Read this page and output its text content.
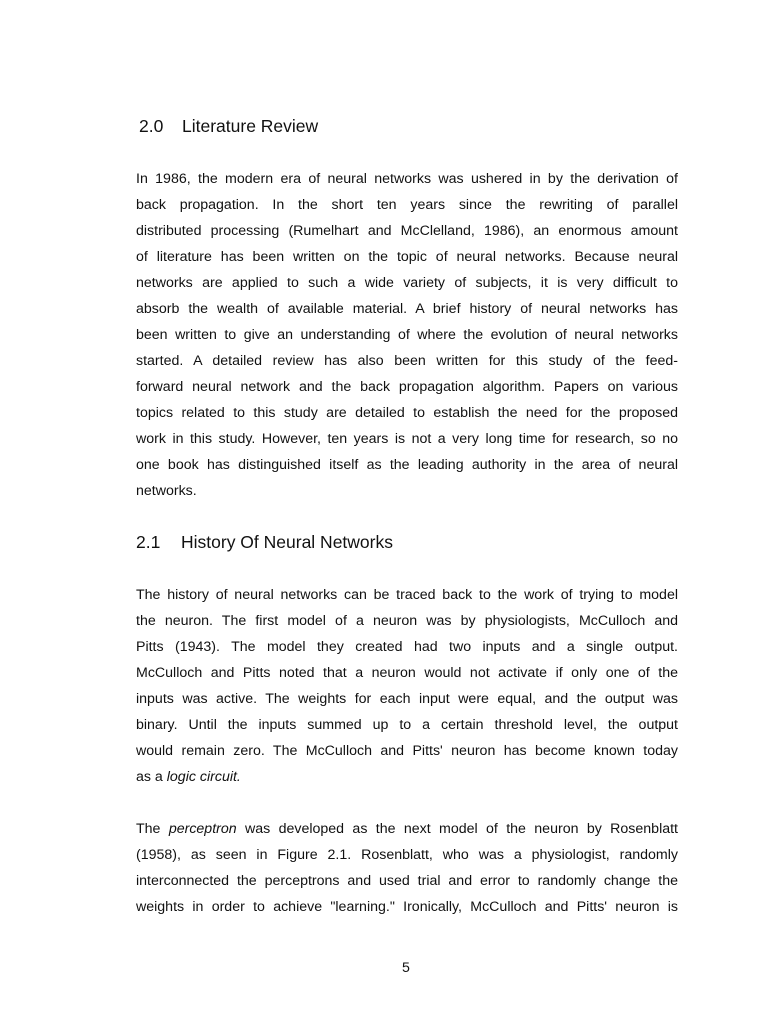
2.0 Literature Review
In 1986, the modern era of neural networks was ushered in by the derivation of
back propagation. In the short ten years since the rewriting of parallel
distributed processing (Rumelhart and McClelland, 1986), an enormous amount
of literature has been written on the topic of neural networks. Because neural
networks are applied to such a wide variety of subjects, it is very difficult to
absorb the wealth of available material. A brief history of neural networks has
been written to give an understanding of where the evolution of neural networks
started. A detailed review has also been written for this study of the feed-
forward neural network and the back propagation algorithm. Papers on various
topics related to this study are detailed to establish the need for the proposed
work in this study. However, ten years is not a very long time for research, so no
one book has distinguished itself as the leading authority in the area of neural
networks.
2.1 History Of Neural Networks
The history of neural networks can be traced back to the work of trying to model
the neuron. The first model of a neuron was by physiologists, McCulloch and
Pitts (1943). The model they created had two inputs and a single output.
McCulloch and Pitts noted that a neuron would not activate if only one of the
inputs was active. The weights for each input were equal, and the output was
binary. Until the inputs summed up to a certain threshold level, the output
would remain zero. The McCulloch and Pitts' neuron has become known today
as a logic circuit.
The perceptron was developed as the next model of the neuron by Rosenblatt
(1958), as seen in Figure 2.1. Rosenblatt, who was a physiologist, randomly
interconnected the perceptrons and used trial and error to randomly change the
weights in order to achieve "learning." Ironically, McCulloch and Pitts' neuron is
5
